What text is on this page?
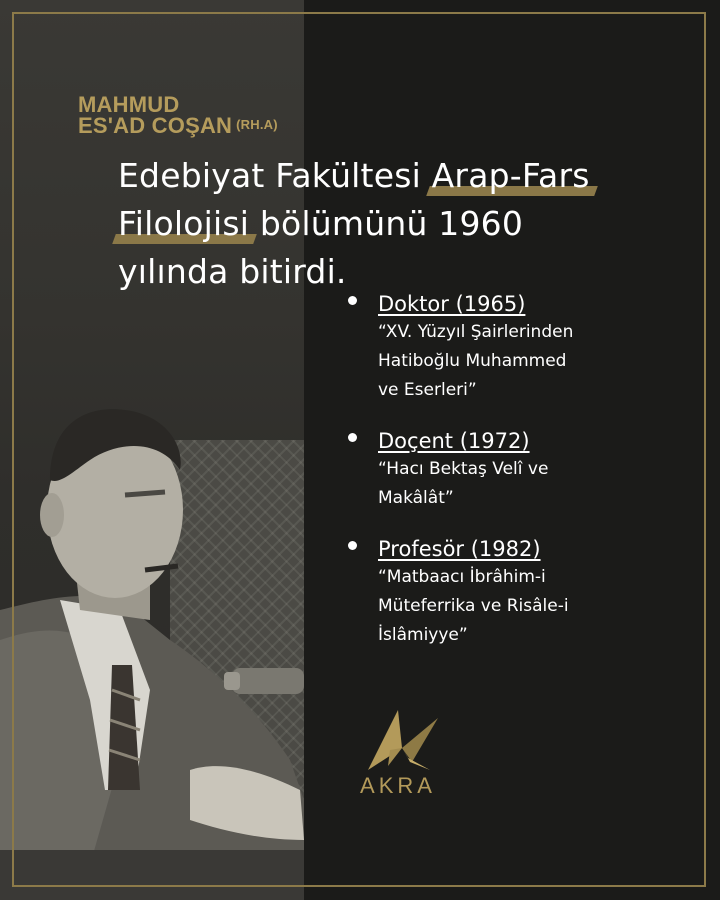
MAHMUD
ES'AD COŞAN $^{(RH.A)}$
Edebiyat Fakültesi Arap-Fars
Filolojisi bölümünü 1960
yılında bitirdi.
Doktor (1965)
“XV. Yüzyıl Şairlerinden
Hatiboğlu Muhammed
ve Eserleri”
Doçent (1972)
“Hacı Bektaş Velî ve
Makâlât”
Profesör (1982)
“Matbaacı İbrâhim-i
Müteferrika ve Risâle-i
İslâmiyye”
AKRA
